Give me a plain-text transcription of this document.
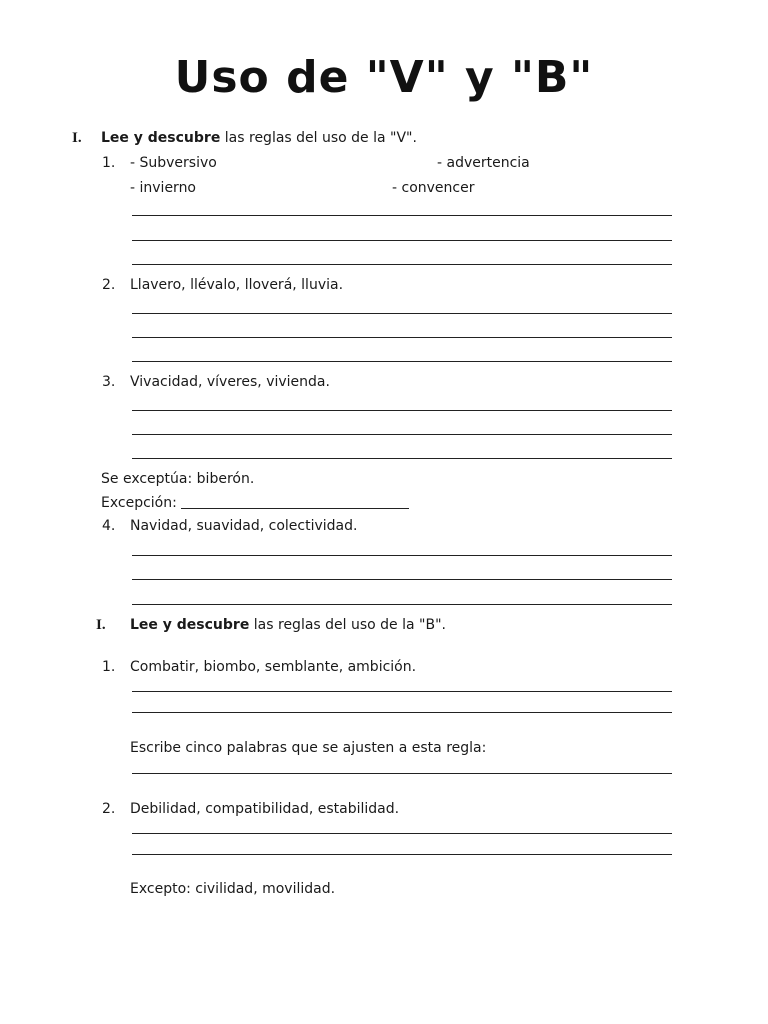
Uso de "V" y "B"
I. Lee y descubre las reglas del uso de la "V".
1. - Subversivo	- advertencia
- invierno	- convencer
2. Llavero, llévalo, lloverá, lluvia.
3. Vivacidad, víveres, vivienda.
Se exceptúa: biberón.
Excepción:
4. Navidad, suavidad, colectividad.
I. Lee y descubre las reglas del uso de la "B".
1. Combatir, biombo, semblante, ambición.
Escribe cinco palabras que se ajusten a esta regla:
2. Debilidad, compatibilidad, estabilidad.
Excepto: civilidad, movilidad.
